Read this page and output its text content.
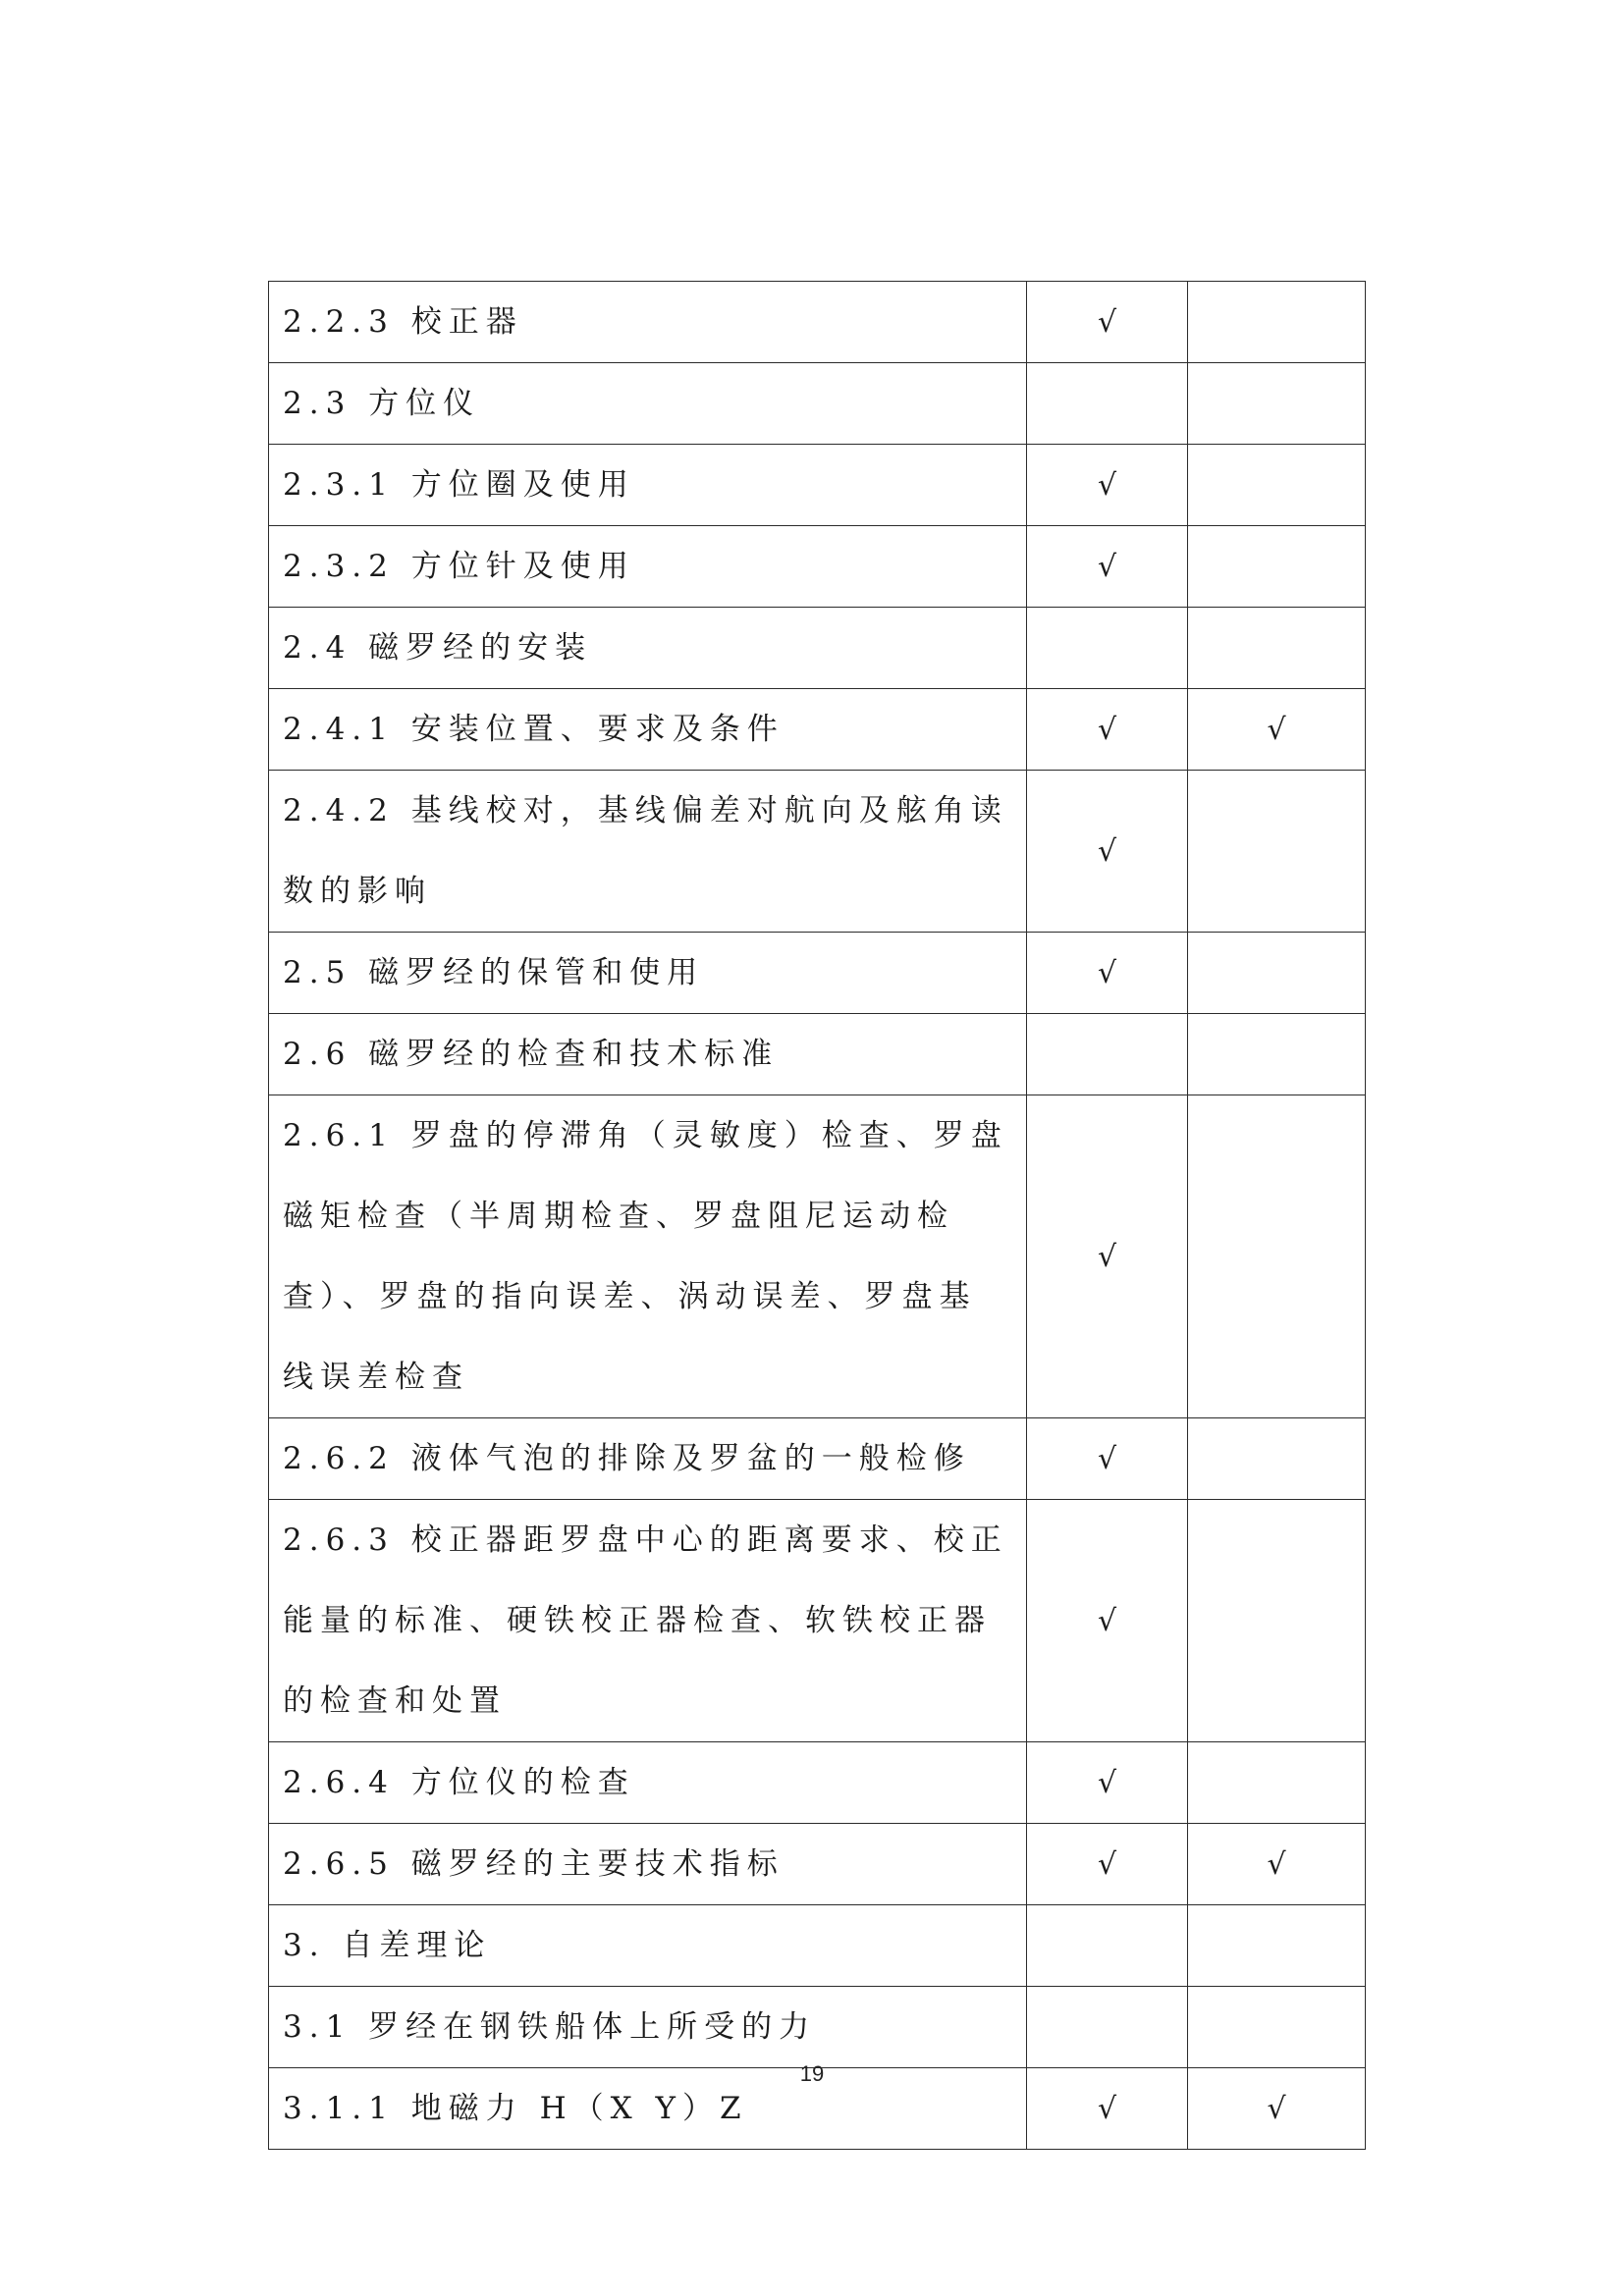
2.2.3 校正器	√	
2.3 方位仪		
2.3.1 方位圈及使用	√	
2.3.2 方位针及使用	√	
2.4 磁罗经的安装		
2.4.1 安装位置、要求及条件	√	√
2.4.2 基线校对，基线偏差对航向及舷角读数的影响	√	
2.5 磁罗经的保管和使用	√	
2.6 磁罗经的检查和技术标准		
2.6.1 罗盘的停滞角（灵敏度）检查、罗盘磁矩检查（半周期检查、罗盘阻尼运动检查）、罗盘的指向误差、涡动误差、罗盘基线误差检查	√	
2.6.2 液体气泡的排除及罗盆的一般检修	√	
2.6.3 校正器距罗盘中心的距离要求、校正能量的标准、硬铁校正器检查、软铁校正器的检查和处置	√	
2.6.4 方位仪的检查	√	
2.6.5 磁罗经的主要技术指标	√	√
3. 自差理论		
3.1 罗经在钢铁船体上所受的力		
3.1.1 地磁力 H（X Y）Z	√	√
19
